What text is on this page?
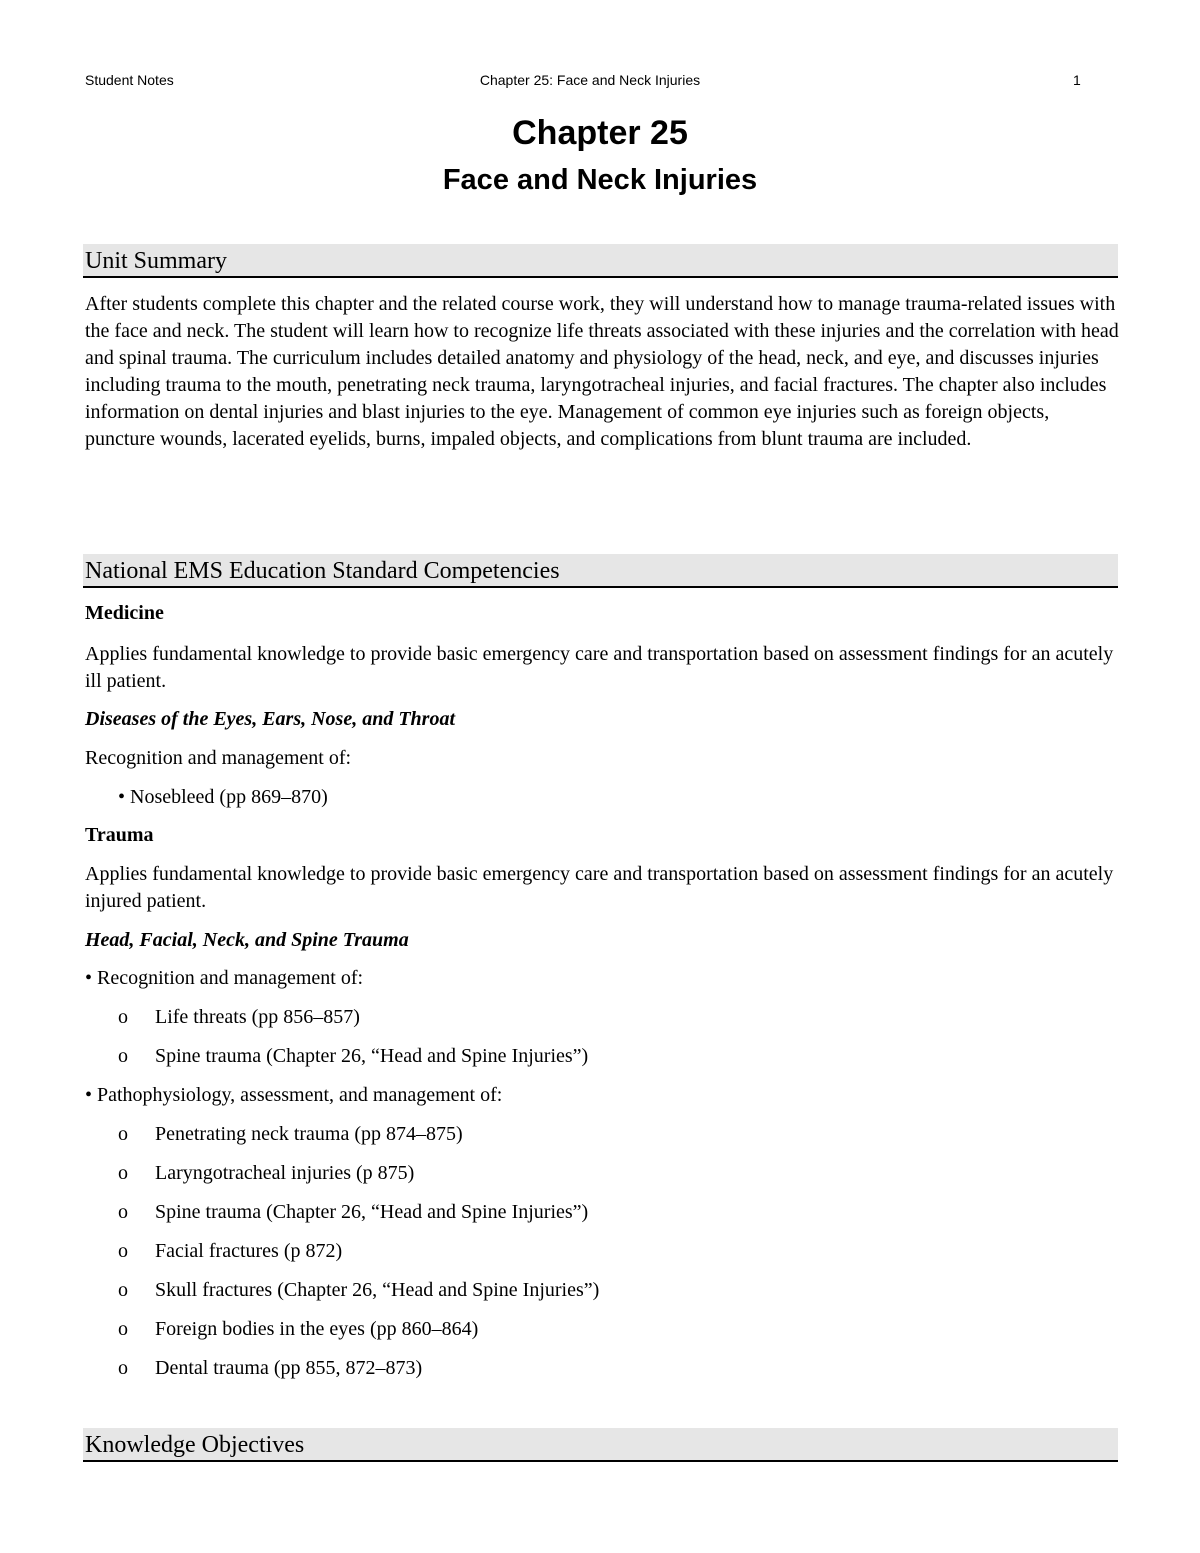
Student Notes	Chapter 25: Face and Neck Injuries	1
Chapter 25
Face and Neck Injuries
Unit Summary
After students complete this chapter and the related course work, they will understand how to manage trauma-related issues with the face and neck. The student will learn how to recognize life threats associated with these injuries and the correlation with head and spinal trauma. The curriculum includes detailed anatomy and physiology of the head, neck, and eye, and discusses injuries including trauma to the mouth, penetrating neck trauma, laryngotracheal injuries, and facial fractures. The chapter also includes information on dental injuries and blast injuries to the eye. Management of common eye injuries such as foreign objects, puncture wounds, lacerated eyelids, burns, impaled objects, and complications from blunt trauma are included.
National EMS Education Standard Competencies
Medicine
Applies fundamental knowledge to provide basic emergency care and transportation based on assessment findings for an acutely ill patient.
Diseases of the Eyes, Ears, Nose, and Throat
Recognition and management of:
• Nosebleed (pp 869–870)
Trauma
Applies fundamental knowledge to provide basic emergency care and transportation based on assessment findings for an acutely injured patient.
Head, Facial, Neck, and Spine Trauma
• Recognition and management of:
o Life threats (pp 856–857)
o Spine trauma (Chapter 26, “Head and Spine Injuries”)
• Pathophysiology, assessment, and management of:
o Penetrating neck trauma (pp 874–875)
o Laryngotracheal injuries (p 875)
o Spine trauma (Chapter 26, “Head and Spine Injuries”)
o Facial fractures (p 872)
o Skull fractures (Chapter 26, “Head and Spine Injuries”)
o Foreign bodies in the eyes (pp 860–864)
o Dental trauma (pp 855, 872–873)
Knowledge Objectives
